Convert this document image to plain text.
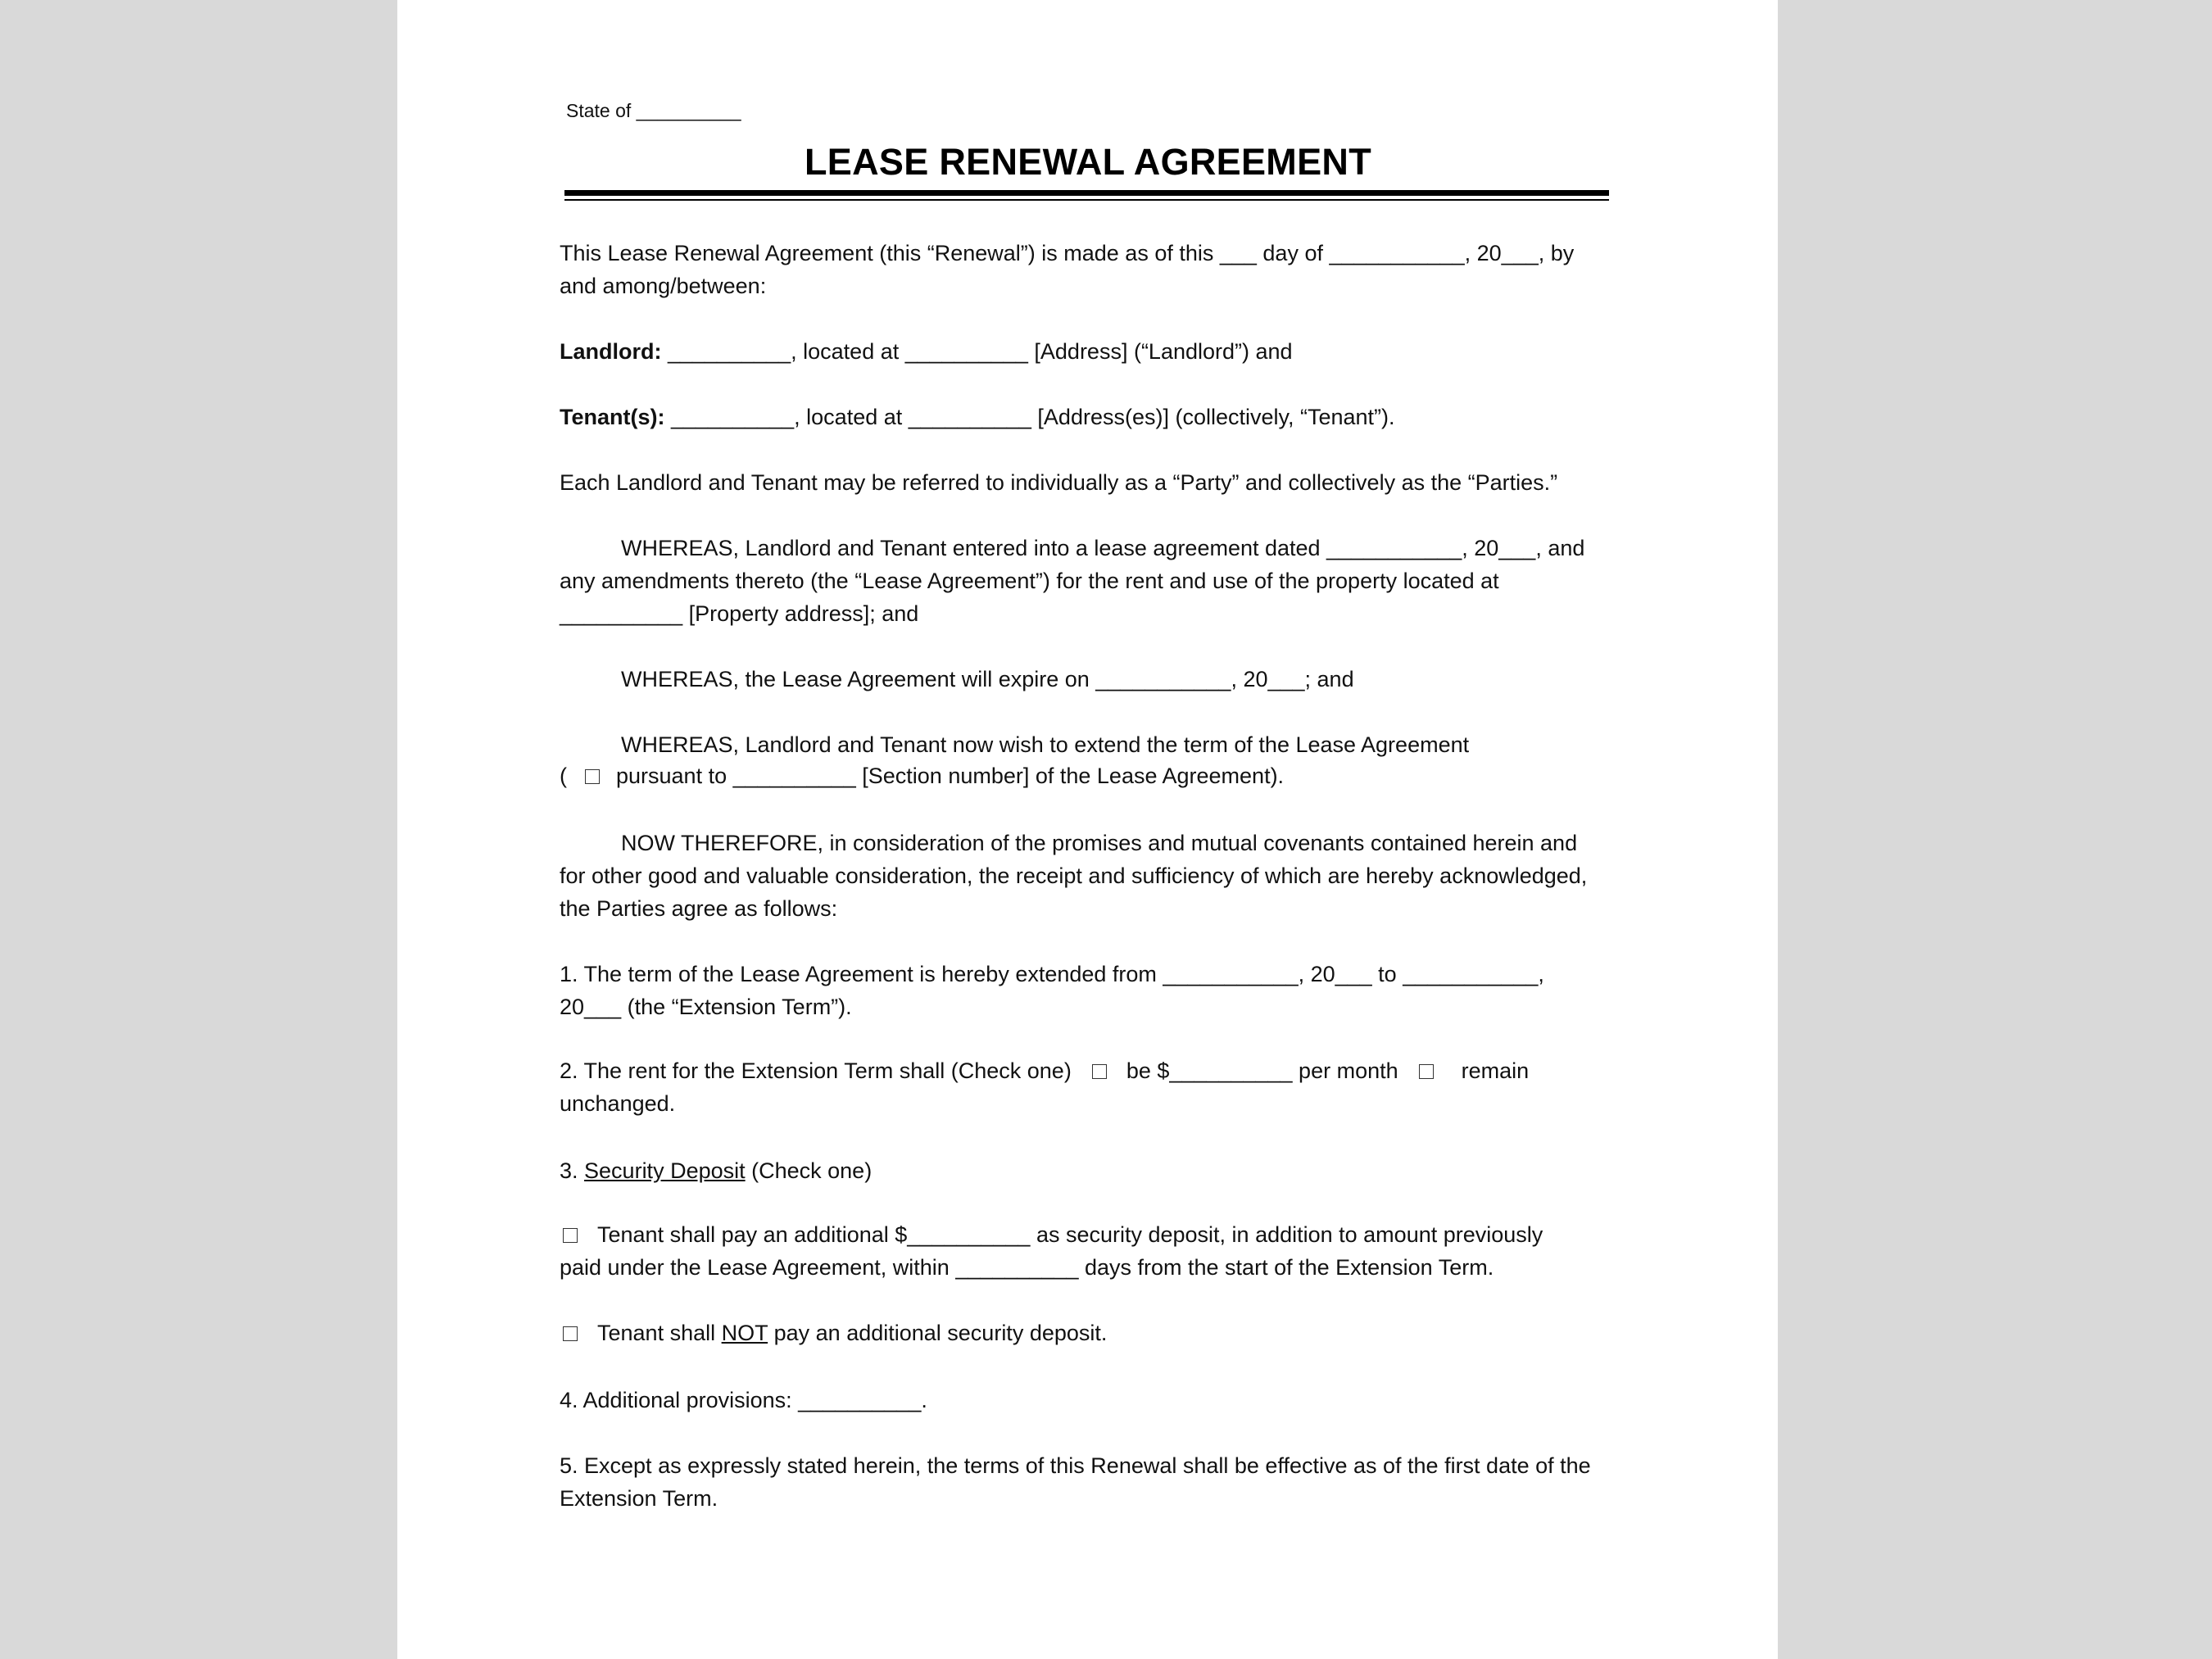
State of __________
LEASE RENEWAL AGREEMENT
This Lease Renewal Agreement (this “Renewal”) is made as of this ___ day of ___________, 20___, by
and among/between:
Landlord: __________, located at __________ [Address] (“Landlord”) and
Tenant(s): __________, located at __________ [Address(es)] (collectively, “Tenant”).
Each Landlord and Tenant may be referred to individually as a “Party” and collectively as the “Parties.”
WHEREAS, Landlord and Tenant entered into a lease agreement dated ___________, 20___, and
any amendments thereto (the “Lease Agreement”) for the rent and use of the property located at
__________ [Property address]; and
WHEREAS, the Lease Agreement will expire on ___________, 20___; and
WHEREAS, Landlord and Tenant now wish to extend the term of the Lease Agreement
( pursuant to __________ [Section number] of the Lease Agreement).
NOW THEREFORE, in consideration of the promises and mutual covenants contained herein and
for other good and valuable consideration, the receipt and sufficiency of which are hereby acknowledged,
the Parties agree as follows:
1. The term of the Lease Agreement is hereby extended from ___________, 20___ to ___________,
20___ (the “Extension Term”).
2. The rent for the Extension Term shall (Check one) be $__________ per month	remain
unchanged.
3. Security Deposit (Check one)
Tenant shall pay an additional $__________ as security deposit, in addition to amount previously
paid under the Lease Agreement, within __________ days from the start of the Extension Term.
Tenant shall NOT pay an additional security deposit.
4. Additional provisions: __________.
5. Except as expressly stated herein, the terms of this Renewal shall be effective as of the first date of the
Extension Term.
